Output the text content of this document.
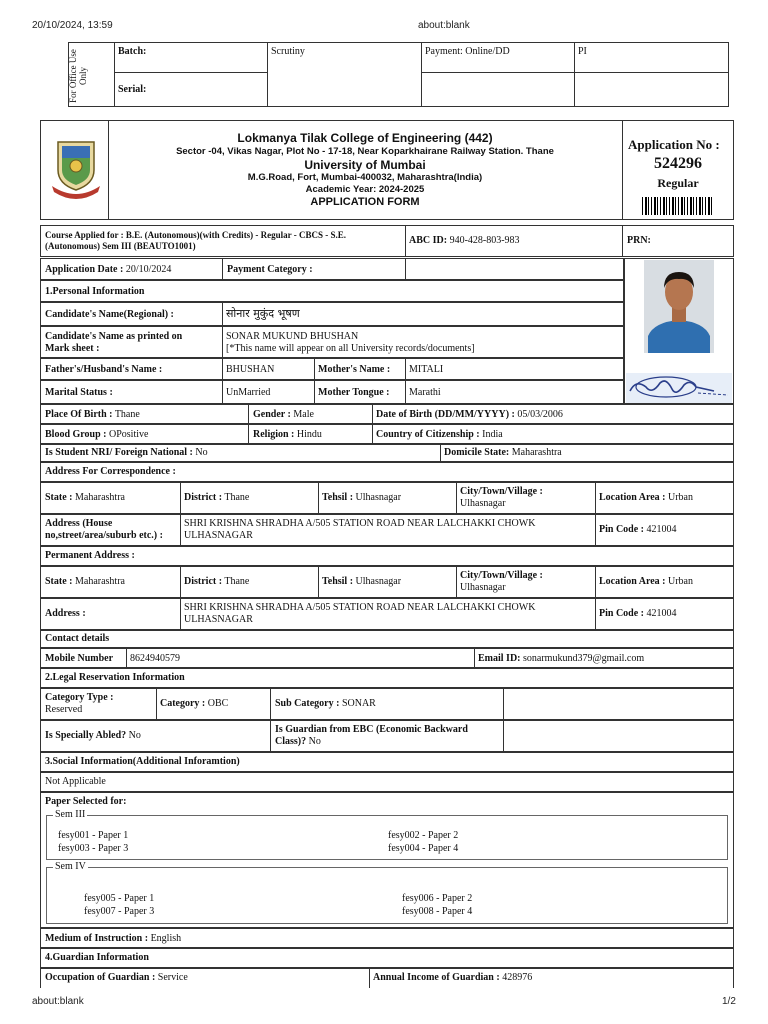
20/10/2024, 13:59	about:blank
about:blank	1/2
For Office Use Only
Batch:	Scrutiny	Payment: Online/DD	PI
Serial:
Lokmanya Tilak College of Engineering (442)
Sector -04, Vikas Nagar, Plot No - 17-18, Near Koparkhairane Railway Station. Thane
University of Mumbai
M.G.Road, Fort, Mumbai-400032, Maharashtra(India)
Academic Year: 2024-2025
APPLICATION FORM
Application No :
524296
Regular
Course Applied for : B.E. (Autonomous)(with Credits) - Regular - CBCS - S.E.
(Autonomous) Sem III (BEAUTO1001)	ABC ID: 940-428-803-983	PRN:
Application Date : 20/10/2024	Payment Category :
1.Personal Information
Candidate's Name(Regional) :	सोनार मुकुंद भूषण
Candidate's Name as printed on
Mark sheet :
SONAR MUKUND BHUSHAN
[*This name will appear on all University records/documents]
Father's/Husband's Name :	BHUSHAN	Mother's Name : MITALI
Marital Status :	UnMarried	Mother Tongue : Marathi
Place Of Birth : Thane	Gender : Male	Date of Birth (DD/MM/YYYY) : 05/03/2006
Blood Group : OPositive	Religion : Hindu	Country of Citizenship : India
Is Student NRI/ Foreign National : No	Domicile State: Maharashtra
Address For Correspondence :
State : Maharashtra	District : Thane	Tehsil : Ulhasnagar
City/Town/Village :
Ulhasnagar
Location Area : Urban
Address (House
no,street/area/suburb etc.) :
SHRI KRISHNA SHRADHA A/505 STATION ROAD NEAR LALCHAKKI CHOWK
ULHASNAGAR
Pin Code : 421004
Permanent Address :
State : Maharashtra	District : Thane	Tehsil : Ulhasnagar
City/Town/Village :
Ulhasnagar
Location Area : Urban
Address :
SHRI KRISHNA SHRADHA A/505 STATION ROAD NEAR LALCHAKKI CHOWK
ULHASNAGAR
Pin Code : 421004
Contact details
Mobile Number 8624940579	Email ID: sonarmukund379@gmail.com
2.Legal Reservation Information
Category Type :
Reserved
Category : OBC	Sub Category : SONAR
Is Specially Abled? No
Is Guardian from EBC (Economic Backward
Class)? No
3.Social Information(Additional Inforamtion)
Not Applicable
Paper Selected for:
Sem III
fesy001 - Paper 1	fesy002 - Paper 2
fesy003 - Paper 3	fesy004 - Paper 4
Sem IV
fesy005 - Paper 1	fesy006 - Paper 2
fesy007 - Paper 3	fesy008 - Paper 4
Medium of Instruction : English
4.Guardian Information
Occupation of Guardian : Service	Annual Income of Guardian : 428976
